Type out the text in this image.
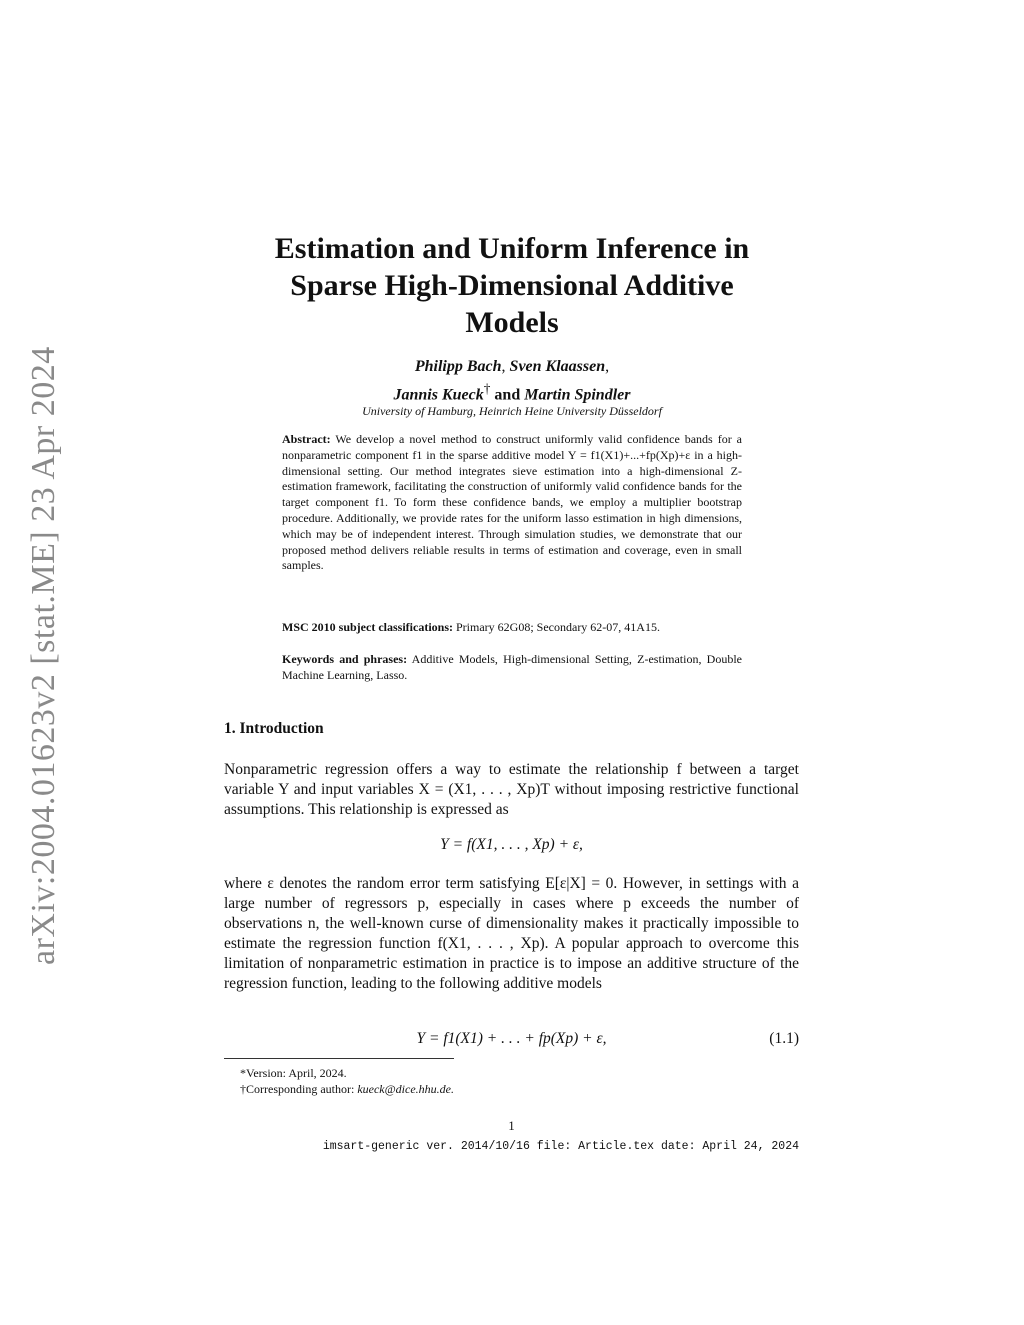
arXiv:2004.01623v2 [stat.ME] 23 Apr 2024
Estimation and Uniform Inference in
Sparse High-Dimensional Additive
Models
Philipp Bach, Sven Klaassen,
Jannis Kueck† and Martin Spindler
University of Hamburg, Heinrich Heine University Düsseldorf
Abstract: We develop a novel method to construct uniformly valid confidence bands for a nonparametric component f1 in the sparse additive model Y = f1(X1)+...+fp(Xp)+ε in a high-dimensional setting. Our method integrates sieve estimation into a high-dimensional Z-estimation framework, facilitating the construction of uniformly valid confidence bands for the target component f1. To form these confidence bands, we employ a multiplier bootstrap procedure. Additionally, we provide rates for the uniform lasso estimation in high dimensions, which may be of independent interest. Through simulation studies, we demonstrate that our proposed method delivers reliable results in terms of estimation and coverage, even in small samples.
MSC 2010 subject classifications: Primary 62G08; Secondary 62-07, 41A15.
Keywords and phrases: Additive Models, High-dimensional Setting, Z-estimation, Double Machine Learning, Lasso.
1. Introduction
Nonparametric regression offers a way to estimate the relationship f between a target variable Y and input variables X = (X1, . . . , Xp)T without imposing restrictive functional assumptions. This relationship is expressed as
Y = f(X1, . . . , Xp) + ε,
where ε denotes the random error term satisfying E[ε|X] = 0. However, in settings with a large number of regressors p, especially in cases where p exceeds the number of observations n, the well-known curse of dimensionality makes it practically impossible to estimate the regression function f(X1, . . . , Xp). A popular approach to overcome this limitation of nonparametric estimation in practice is to impose an additive structure of the regression function, leading to the following additive models
Y = f1(X1) + . . . + fp(Xp) + ε,	(1.1)
*Version: April, 2024.
†Corresponding author: kueck@dice.hhu.de.
1
imsart-generic ver. 2014/10/16 file: Article.tex date: April 24, 2024
